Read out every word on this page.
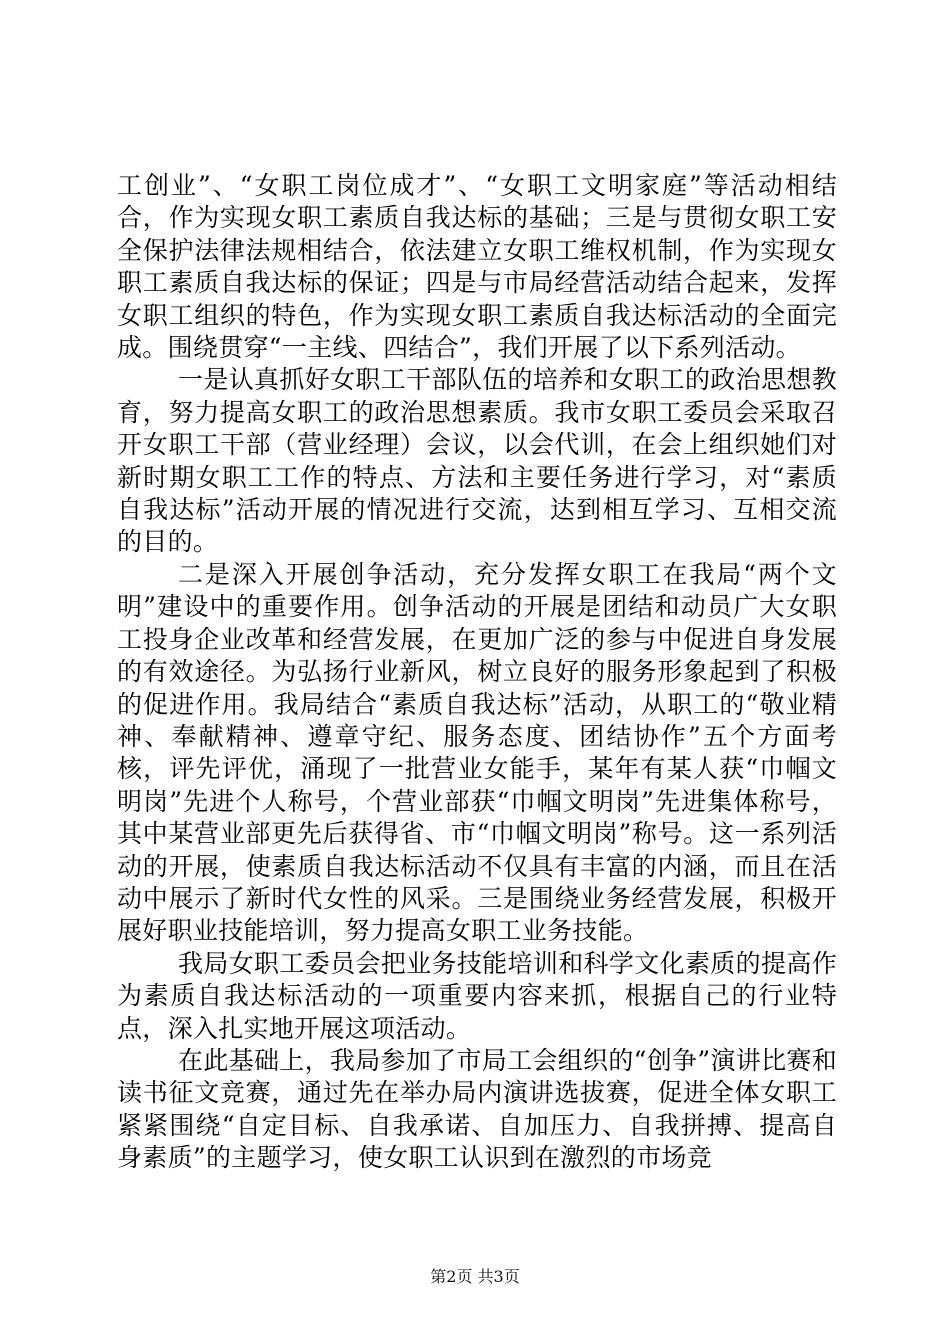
工创业”、“女职工岗位成才”、“女职工文明家庭”等活动相结合，作为实现女职工素质自我达标的基础；三是与贯彻女职工安全保护法律法规相结合，依法建立女职工维权机制，作为实现女职工素质自我达标的保证；四是与市局经营活动结合起来，发挥女职工组织的特色，作为实现女职工素质自我达标活动的全面完成。围绕贯穿“一主线、四结合”，我们开展了以下系列活动。

一是认真抓好女职工干部队伍的培养和女职工的政治思想教育，努力提高女职工的政治思想素质。我市女职工委员会采取召开女职工干部（营业经理）会议，以会代训，在会上组织她们对新时期女职工工作的特点、方法和主要任务进行学习，对“素质自我达标”活动开展的情况进行交流，达到相互学习、互相交流的目的。

二是深入开展创争活动，充分发挥女职工在我局“两个文明”建设中的重要作用。创争活动的开展是团结和动员广大女职工投身企业改革和经营发展，在更加广泛的参与中促进自身发展的有效途径。为弘扬行业新风，树立良好的服务形象起到了积极的促进作用。我局结合“素质自我达标”活动，从职工的“敬业精神、奉献精神、遵章守纪、服务态度、团结协作”五个方面考核，评先评优，涌现了一批营业女能手，某年有某人获“巾帼文明岗”先进个人称号，个营业部获“巾帼文明岗”先进集体称号，其中某营业部更先后获得省、市“巾帼文明岗”称号。这一系列活动的开展，使素质自我达标活动不仅具有丰富的内涵，而且在活动中展示了新时代女性的风采。三是围绕业务经营发展，积极开展好职业技能培训，努力提高女职工业务技能。

我局女职工委员会把业务技能培训和科学文化素质的提高作为素质自我达标活动的一项重要内容来抓，根据自己的行业特点，深入扎实地开展这项活动。

在此基础上，我局参加了市局工会组织的“创争”演讲比赛和读书征文竞赛，通过先在举办局内演讲选拔赛，促进全体女职工紧紧围绕“自定目标、自我承诺、自加压力、自我拼搏、提高自身素质”的主题学习，使女职工认识到在激烈的市场竞

第2页 共3页
